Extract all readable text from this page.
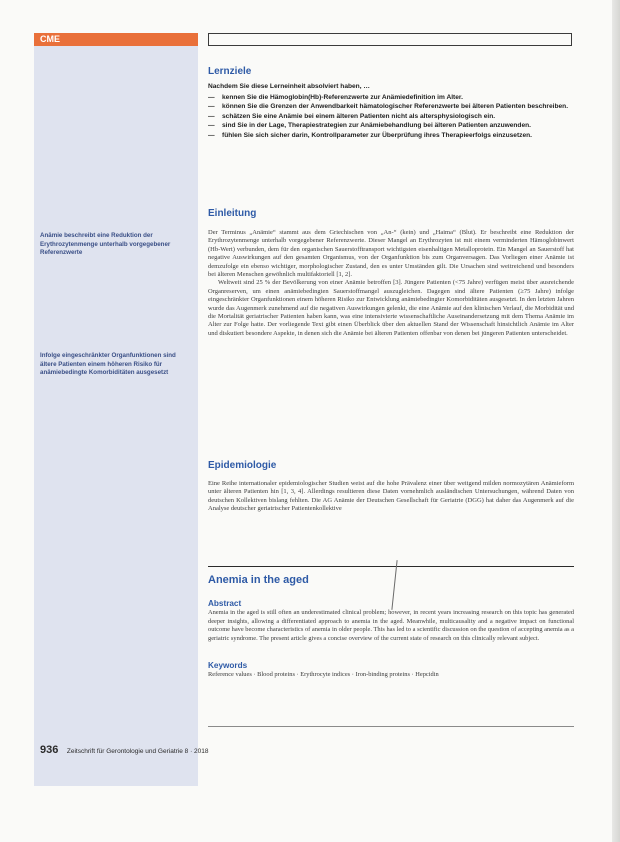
CME
Anämie beschreibt eine Reduktion der Erythrozytenmenge unterhalb vorgegebener Referenzwerte
Infolge eingeschränkter Organfunktionen sind ältere Patienten einem höheren Risiko für anämiebedingte Komorbiditäten ausgesetzt
Lernziele
Nachdem Sie diese Lerneinheit absolviert haben, …
— kennen Sie die Hämoglobin(Hb)-Referenzwerte zur Anämiedefinition im Alter.
— können Sie die Grenzen der Anwendbarkeit hämatologischer Referenzwerte bei älteren Patienten beschreiben.
— schätzen Sie eine Anämie bei einem älteren Patienten nicht als altersphysiologisch ein.
— sind Sie in der Lage, Therapiestrategien zur Anämiebehandlung bei älteren Patienten anzuwenden.
— fühlen Sie sich sicher darin, Kontrollparameter zur Überprüfung ihres Therapieerfolgs einzusetzen.
Einleitung

Der Terminus „Anämie“ stammt aus dem Griechischen von „An-“ (kein) und „Haima“ (Blut). Er beschreibt eine Reduktion der Erythrozytenmenge unterhalb vorgegebener Referenzwerte. Dieser Mangel an Erythrozyten ist mit einem verminderten Hämoglobinwert (Hb-Wert) verbunden, dem für den organischen Sauerstofftransport wichtigsten eisenhaltigen Metalloprotein. Ein Mangel an Sauerstoff hat negative Auswirkungen auf den gesamten Organismus, von der Organfunktion bis zum Organversagen. Das Vorliegen einer Anämie ist demzufolge ein ebenso wichtiger, morphologischer Zustand, den es unter Umständen gilt. Die Ursachen sind weitreichend und besonders bei älteren Menschen gewöhnlich multifaktoriell [1, 2].

Weltweit sind 25 % der Bevölkerung von einer Anämie betroffen [3]. Jüngere Patienten (<75 Jahre) verfügen meist über ausreichende Organreserven, um einen anämiebedingten Sauerstoffmangel auszugleichen. Dagegen sind ältere Patienten (≥75 Jahre) infolge eingeschränkter Organfunktionen einem höheren Risiko zur Entwicklung anämiebedingter Komorbiditäten ausgesetzt. In den letzten Jahren wurde das Augenmerk zunehmend auf die negativen Auswirkungen gelenkt, die eine Anämie auf den klinischen Verlauf, die Morbidität und die Mortalität geriatrischer Patienten haben kann, was eine intensivierte wissenschaftliche Auseinandersetzung mit dem Thema Anämie im Alter zur Folge hatte. Der vorliegende Text gibt einen Überblick über den aktuellen Stand der Wissenschaft hinsichtlich Anämie im Alter und diskutiert besondere Aspekte, in denen sich die Anämie bei älteren Patienten offenbar von denen bei jüngeren Patienten unterscheidet.

Epidemiologie

Eine Reihe internationaler epidemiologischer Studien weist auf die hohe Prävalenz einer über weitgend milden normozytären Anämieform unter älteren Patienten hin [1, 3, 4]. Allerdings resultieren diese Daten vornehmlich ausländischen Untersuchungen, während Daten von deutschen Kollektiven bislang fehlten. Die AG Anämie der Deutschen Gesellschaft für Geriatrie (DGG) hat daher das Augenmerk auf die Analyse deutscher geriatrischer Patientenkollektive

Anemia in the aged
Abstract
Anemia in the aged is still often an underestimated clinical problem; however, in recent years increasing research on this topic has generated deeper insights, allowing a differentiated approach to anemia in the aged. Meanwhile, multicausality and a negative impact on functional outcome have become characteristics of anemia in older people. This has led to a scientific discussion on the question of accepting anemia as a geriatric syndrome. The present article gives a concise overview of the current state of research on this clinically relevant subject.
Keywords
Reference values · Blood proteins · Erythrocyte indices · Iron-binding proteins · Hepcidin
936 Zeitschrift für Gerontologie und Geriatrie 8 · 2018
